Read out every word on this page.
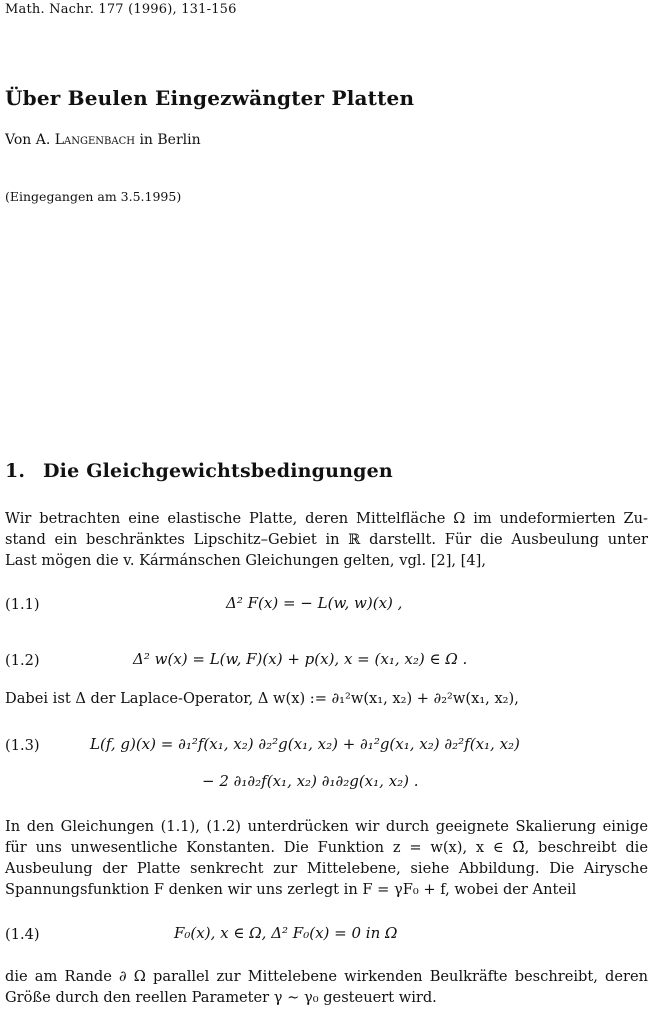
Math. Nachr. 177 (1996), 131-156
Über Beulen Eingezwängter Platten
Von A. Langenbach in Berlin
(Eingegangen am 3.5.1995)
1. Die Gleichgewichtsbedingungen
Wir betrachten eine elastische Platte, deren Mittelfläche Ω im undeformierten Zu-
stand ein beschränktes Lipschitz–Gebiet in ℝ darstellt. Für die Ausbeulung unter
Last mögen die v. Kármánschen Gleichungen gelten, vgl. [2], [4],
(1.1)	Δ² F(x) = − L(w, w)(x) ,
(1.2)	Δ² w(x) = L(w, F)(x) + p(x), x = (x₁, x₂) ∈ Ω .
Dabei ist Δ der Laplace-Operator, Δ w(x) := ∂₁²w(x₁, x₂) + ∂₂²w(x₁, x₂),
(1.3)	L(f, g)(x) = ∂₁²f(x₁, x₂) ∂₂²g(x₁, x₂) + ∂₁²g(x₁, x₂) ∂₂²f(x₁, x₂)
− 2 ∂₁∂₂f(x₁, x₂) ∂₁∂₂g(x₁, x₂) .
In den Gleichungen (1.1), (1.2) unterdrücken wir durch geeignete Skalierung einige
für uns unwesentliche Konstanten. Die Funktion z = w(x), x ∈ Ω̄, beschreibt die
Ausbeulung der Platte senkrecht zur Mittelebene, siehe Abbildung. Die Airysche
Spannungsfunktion F denken wir uns zerlegt in F = γF₀ + f, wobei der Anteil
(1.4)	F₀(x), x ∈ Ω, Δ² F₀(x) = 0 in Ω
die am Rande ∂ Ω parallel zur Mittelebene wirkenden Beulkräfte beschreibt, deren
Größe durch den reellen Parameter γ ∼ γ₀ gesteuert wird.
